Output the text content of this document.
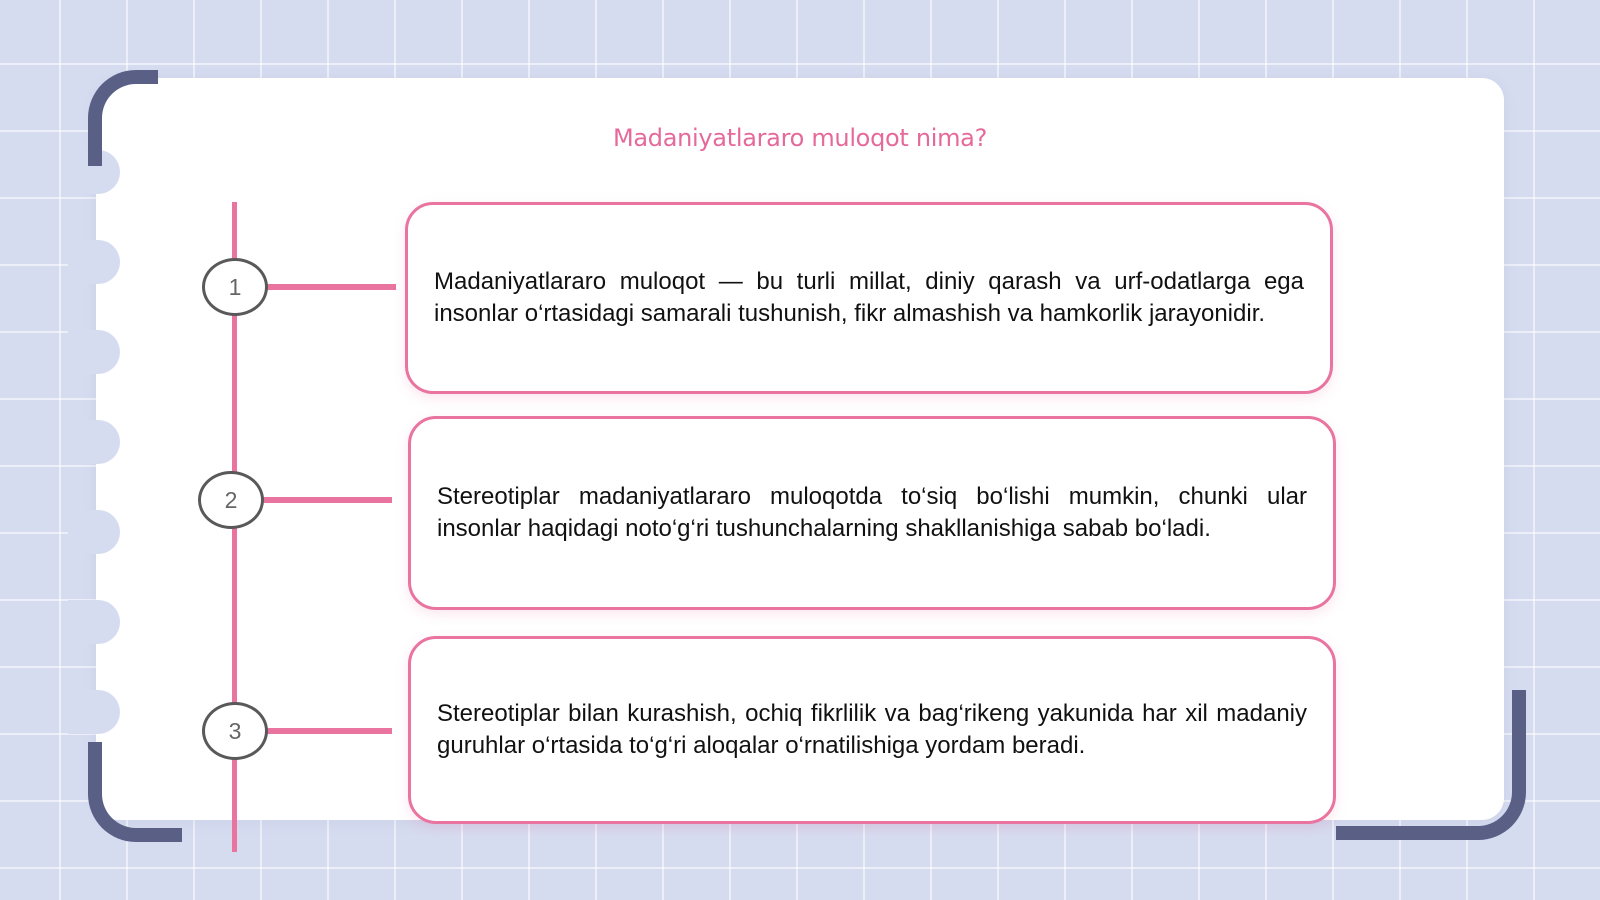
Madaniyatlararo muloqot nima?
1	Madaniyatlararo muloqot — bu turli millat, diniy qarash va urf-odatlarga ega insonlar o‘rtasidagi samarali tushunish, fikr almashish va hamkorlik jarayonidir.

2	Stereotiplar madaniyatlararo muloqotda to‘siq bo‘lishi mumkin, chunki ular insonlar haqidagi noto‘g‘ri tushunchalarning shakllanishiga sabab bo‘ladi.

3

Stereotiplar bilan kurashish, ochiq fikrlilik va bag‘rikeng yakunida har xil madaniy guruhlar o‘rtasida to‘g‘ri aloqalar o‘rnatilishiga yordam beradi.
